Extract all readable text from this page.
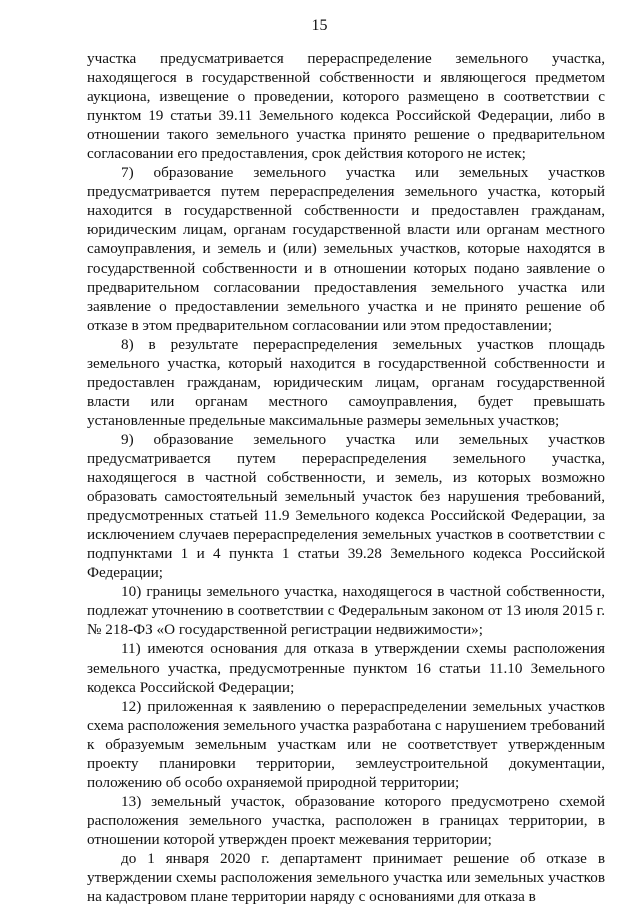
15

участка предусматривается перераспределение земельного участка, находящегося в государственной собственности и являющегося предметом аукциона, извещение о проведении, которого размещено в соответствии с пунктом 19 статьи 39.11 Земельного кодекса Российской Федерации, либо в отношении такого земельного участка принято решение о предварительном согласовании его предоставления, срок действия которого не истек;

7) образование земельного участка или земельных участков предусматривается путем перераспределения земельного участка, который находится в государственной собственности и предоставлен гражданам, юридическим лицам, органам государственной власти или органам местного самоуправления, и земель и (или) земельных участков, которые находятся в государственной собственности и в отношении которых подано заявление о предварительном согласовании предоставления земельного участка или заявление о предоставлении земельного участка и не принято решение об отказе в этом предварительном согласовании или этом предоставлении;

8) в результате перераспределения земельных участков площадь земельного участка, который находится в государственной собственности и предоставлен гражданам, юридическим лицам, органам государственной власти или органам местного самоуправления, будет превышать установленные предельные максимальные размеры земельных участков;

9) образование земельного участка или земельных участков предусматривается путем перераспределения земельного участка, находящегося в частной собственности, и земель, из которых возможно образовать самостоятельный земельный участок без нарушения требований, предусмотренных статьей 11.9 Земельного кодекса Российской Федерации, за исключением случаев перераспределения земельных участков в соответствии с подпунктами 1 и 4 пункта 1 статьи 39.28 Земельного кодекса Российской Федерации;

10) границы земельного участка, находящегося в частной собственности, подлежат уточнению в соответствии с Федеральным законом от 13 июля 2015 г. № 218-ФЗ «О государственной регистрации недвижимости»;

11) имеются основания для отказа в утверждении схемы расположения земельного участка, предусмотренные пунктом 16 статьи 11.10 Земельного кодекса Российской Федерации;

12) приложенная к заявлению о перераспределении земельных участков схема расположения земельного участка разработана с нарушением требований к образуемым земельным участкам или не соответствует утвержденным проекту планировки территории, землеустроительной документации, положению об особо охраняемой природной территории;

13) земельный участок, образование которого предусмотрено схемой расположения земельного участка, расположен в границах территории, в отношении которой утвержден проект межевания территории;

до 1 января 2020 г. департамент принимает решение об отказе в утверждении схемы расположения земельного участка или земельных участков на кадастровом плане территории наряду с основаниями для отказа в
